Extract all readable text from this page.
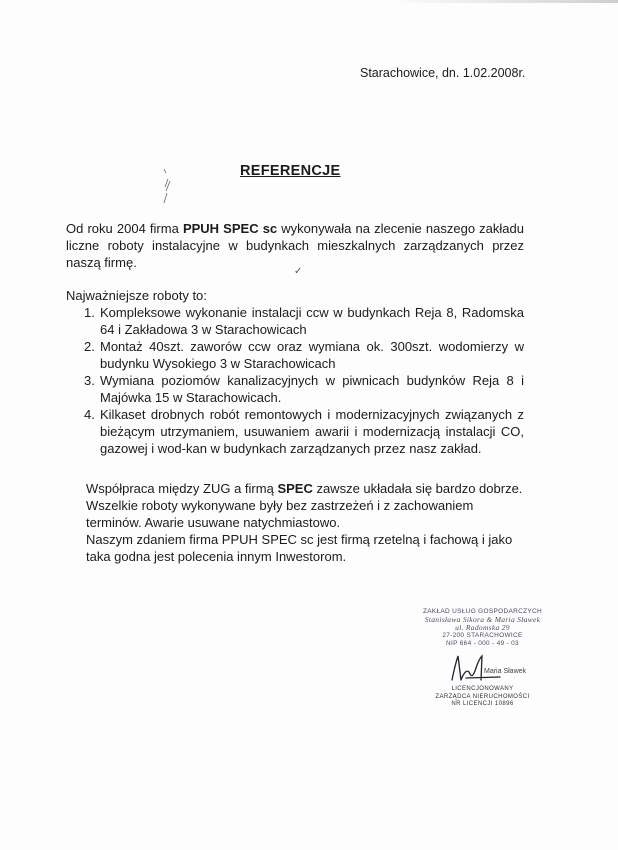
Starachowice, dn. 1.02.2008r.
REFERENCJE
Od roku 2004 firma PPUH SPEC sc wykonywała na zlecenie naszego zakładu liczne roboty instalacyjne w budynkach mieszkalnych zarządzanych przez naszą firmę.
✓
Najważniejsze roboty to:
1. Kompleksowe wykonanie instalacji ccw w budynkach Reja 8, Radomska 64 i Zakładowa 3 w Starachowicach
2. Montaż 40szt. zaworów ccw oraz wymiana ok. 300szt. wodomierzy w budynku Wysokiego 3 w Starachowicach
3. Wymiana poziomów kanalizacyjnych w piwnicach budynków Reja 8 i Majówka 15 w Starachowicach.
4. Kilkaset drobnych robót remontowych i modernizacyjnych związanych z bieżącym utrzymaniem, usuwaniem awarii i modernizacją instalacji CO, gazowej i wod-kan w budynkach zarządzanych przez nasz zakład.

Współpraca między ZUG a firmą SPEC zawsze układała się bardzo dobrze.

Wszelkie roboty wykonywane były bez zastrzeżeń i z zachowaniem terminów. Awarie usuwane natychmiastowo.

Naszym zdaniem firma PPUH SPEC sc jest firmą rzetelną i fachową i jako taka godna jest polecenia innym Inwestorom.

ZAKŁAD USŁUG GOSPODARCZYCH
Stanisława Sikora & Maria Sławek
ul. Radomska 29
27-200 STARACHOWICE
NIP 664 - 000 - 49 - 03
Maria Sławek
LICENCJONOWANY
ZARZĄDCA NIERUCHOMOŚCI
NR LICENCJI 10896
